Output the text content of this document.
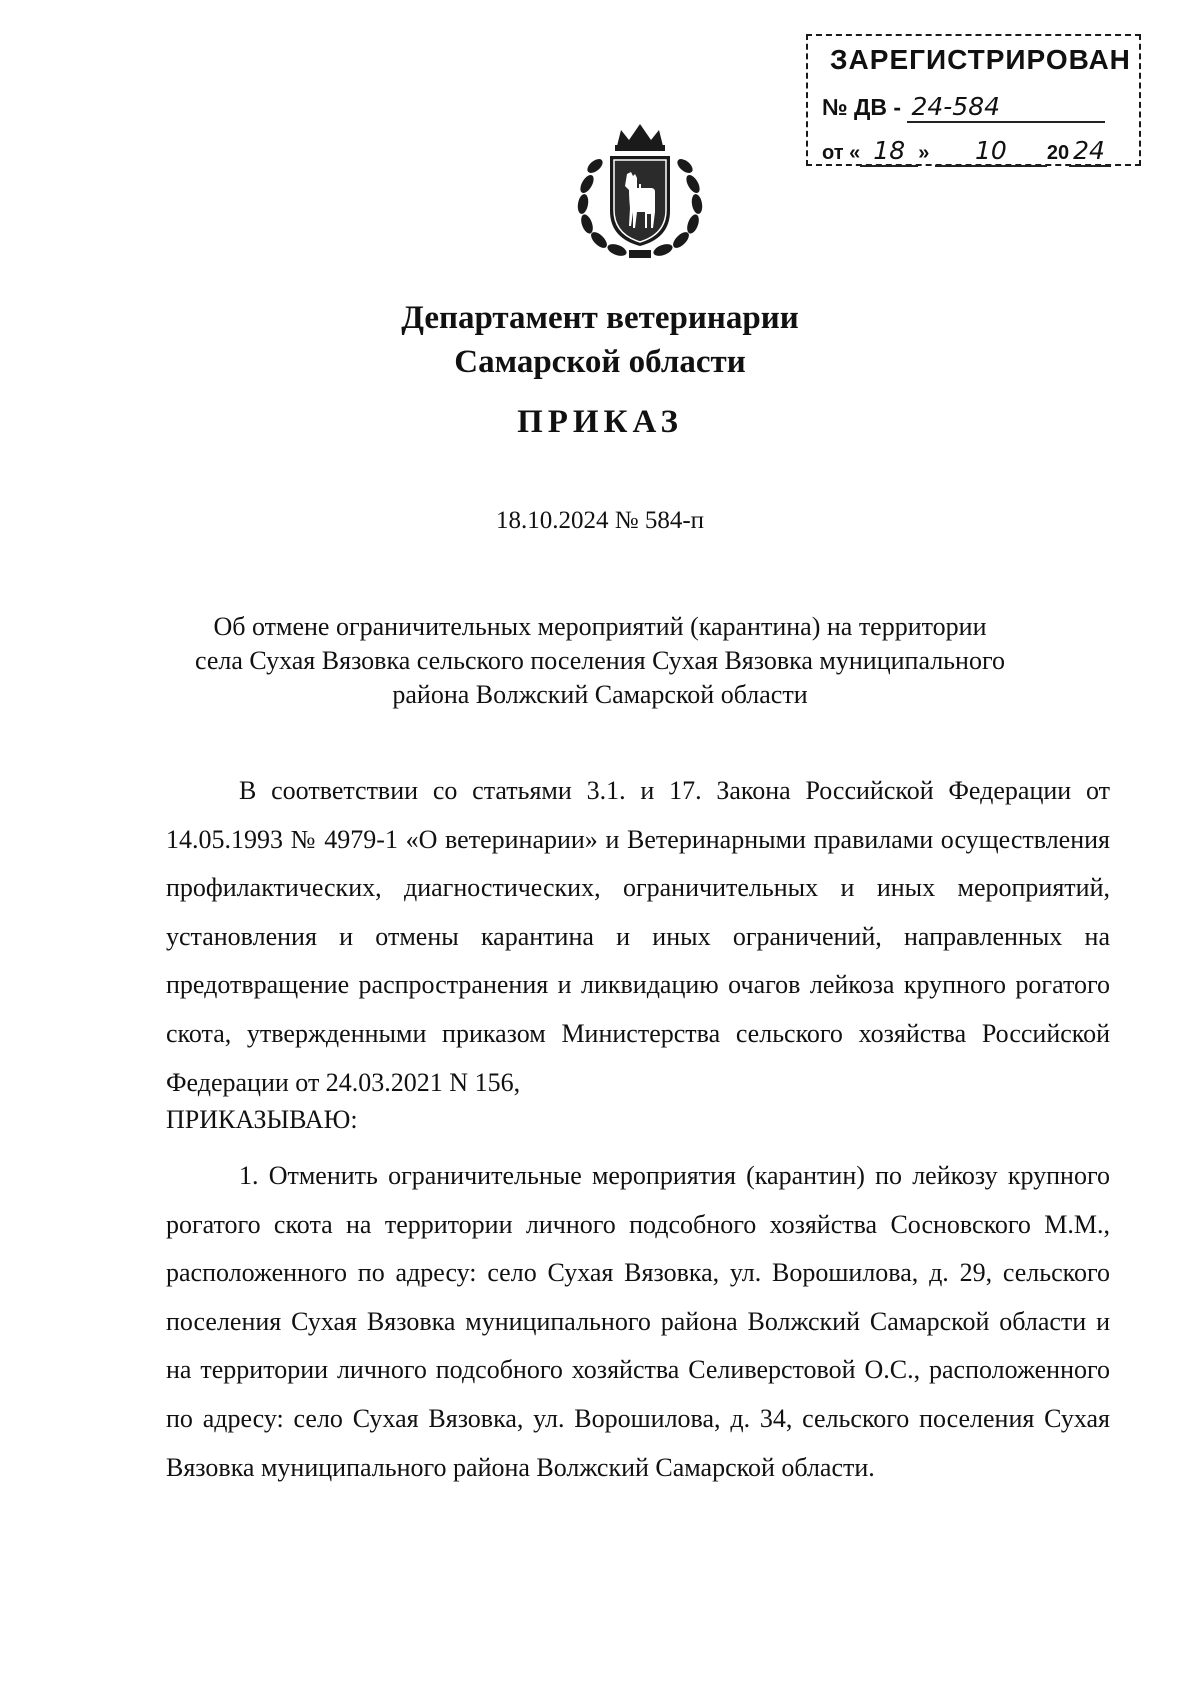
ЗАРЕГИСТРИРОВАН
№ ДВ - 24-584
от « 18 » 10 20 24
Департамент ветеринарии
Самарской области
ПРИКАЗ
18.10.2024 № 584-п
Об отмене ограничительных мероприятий (карантина) на территории
села Сухая Вязовка сельского поселения Сухая Вязовка муниципального
района Волжский Самарской области

В соответствии со статьями 3.1. и 17. Закона Российской Федерации от 14.05.1993 № 4979-1 «О ветеринарии» и Ветеринарными правилами осуществления профилактических, диагностических, ограничительных и иных мероприятий, установления и отмены карантина и иных ограничений, направленных на предотвращение распространения и ликвидацию очагов лейкоза крупного рогатого скота, утвержденными приказом Министерства сельского хозяйства Российской Федерации от 24.03.2021 N 156,

ПРИКАЗЫВАЮ:

1. Отменить ограничительные мероприятия (карантин) по лейкозу крупного рогатого скота на территории личного подсобного хозяйства Сосновского М.М., расположенного по адресу: село Сухая Вязовка, ул. Ворошилова, д. 29, сельского поселения Сухая Вязовка муниципального района Волжский Самарской области и на территории личного подсобного хозяйства Селиверстовой О.С., расположенного по адресу: село Сухая Вязовка, ул. Ворошилова, д. 34, сельского поселения Сухая Вязовка муниципального района Волжский Самарской области.
